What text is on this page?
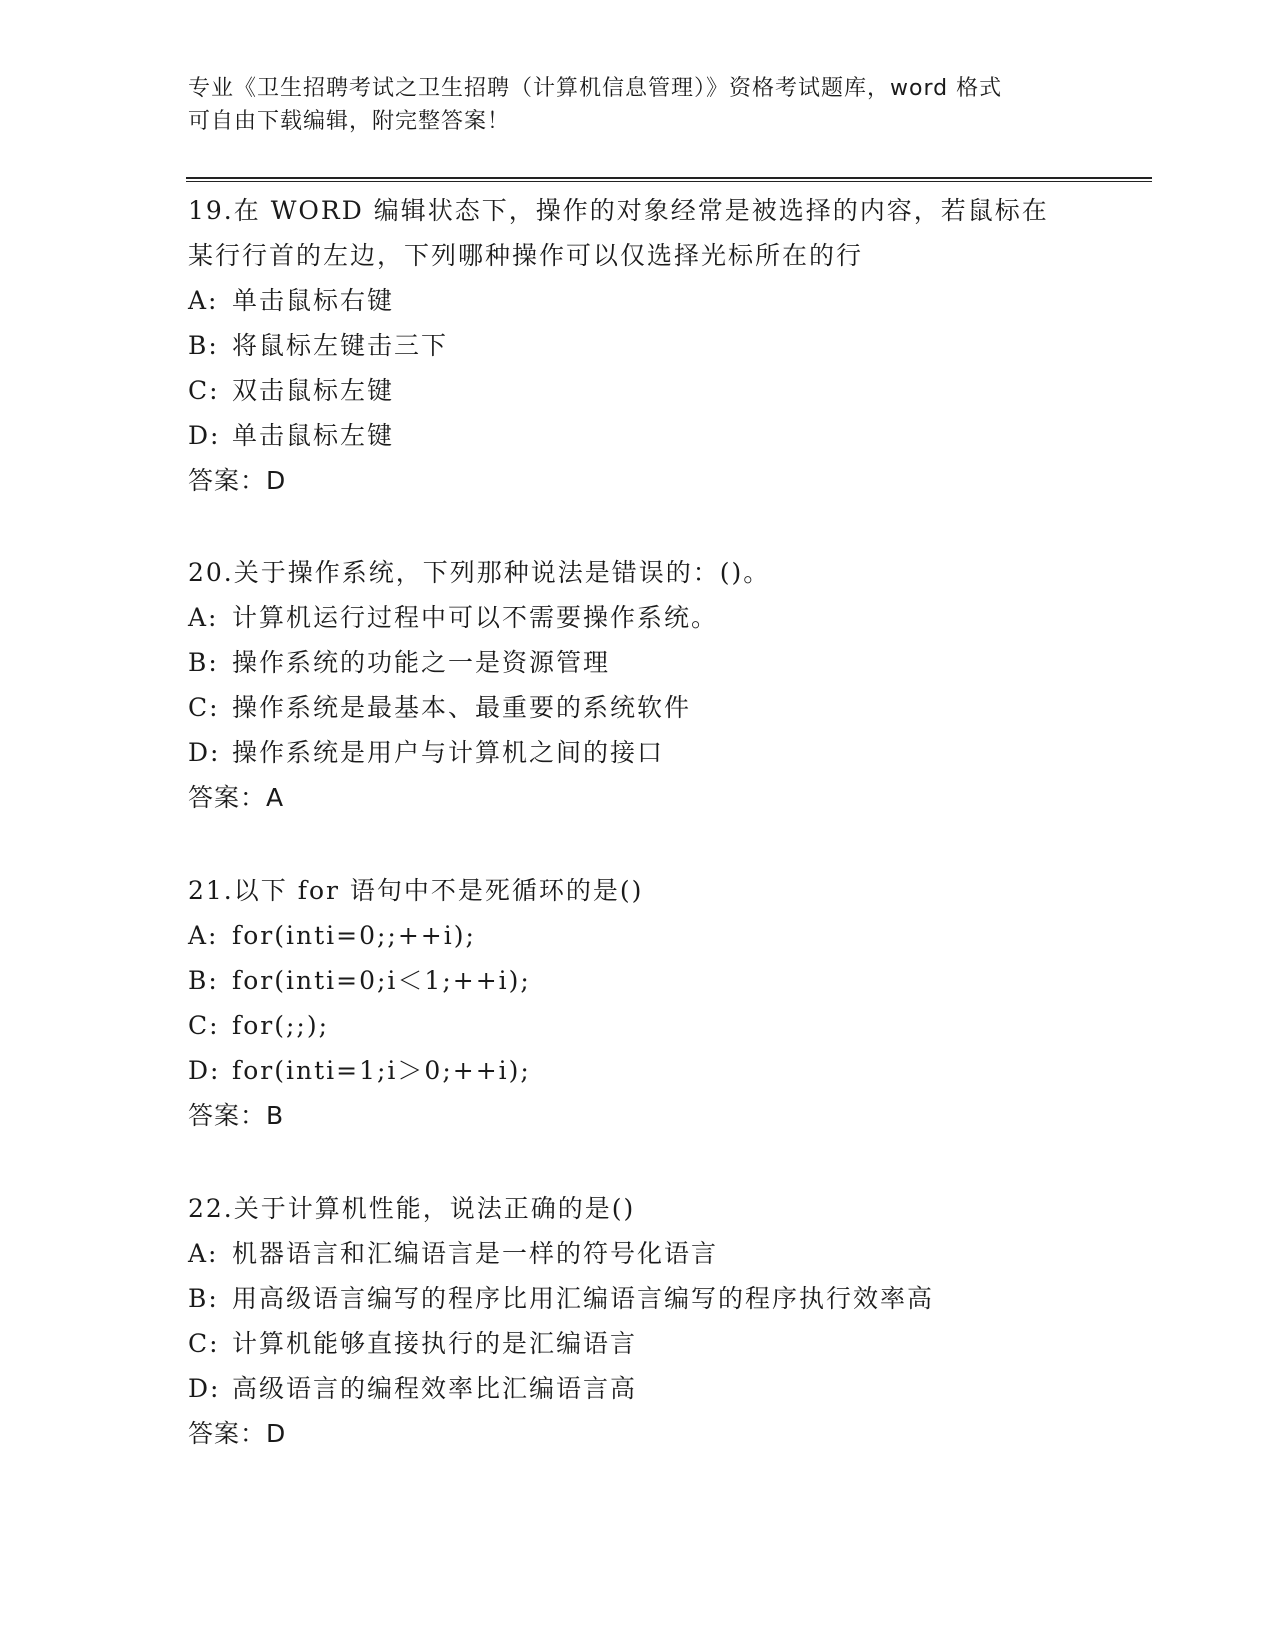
专业《卫生招聘考试之卫生招聘（计算机信息管理）》资格考试题库，word 格式
可自由下载编辑，附完整答案！
19.在 WORD 编辑状态下，操作的对象经常是被选择的内容，若鼠标在
某行行首的左边，下列哪种操作可以仅选择光标所在的行
A: 单击鼠标右键
B: 将鼠标左键击三下
C: 双击鼠标左键
D: 单击鼠标左键
答案：D
20.关于操作系统，下列那种说法是错误的：()。
A: 计算机运行过程中可以不需要操作系统。
B: 操作系统的功能之一是资源管理
C: 操作系统是最基本、最重要的系统软件
D: 操作系统是用户与计算机之间的接口
答案：A
21.以下 for 语句中不是死循环的是()
A: for(inti=0;;++i);
B: for(inti=0;i＜1;++i);
C: for(;;);
D: for(inti=1;i＞0;++i);
答案：B
22.关于计算机性能，说法正确的是()
A: 机器语言和汇编语言是一样的符号化语言
B: 用高级语言编写的程序比用汇编语言编写的程序执行效率高
C: 计算机能够直接执行的是汇编语言
D: 高级语言的编程效率比汇编语言高
答案：D
